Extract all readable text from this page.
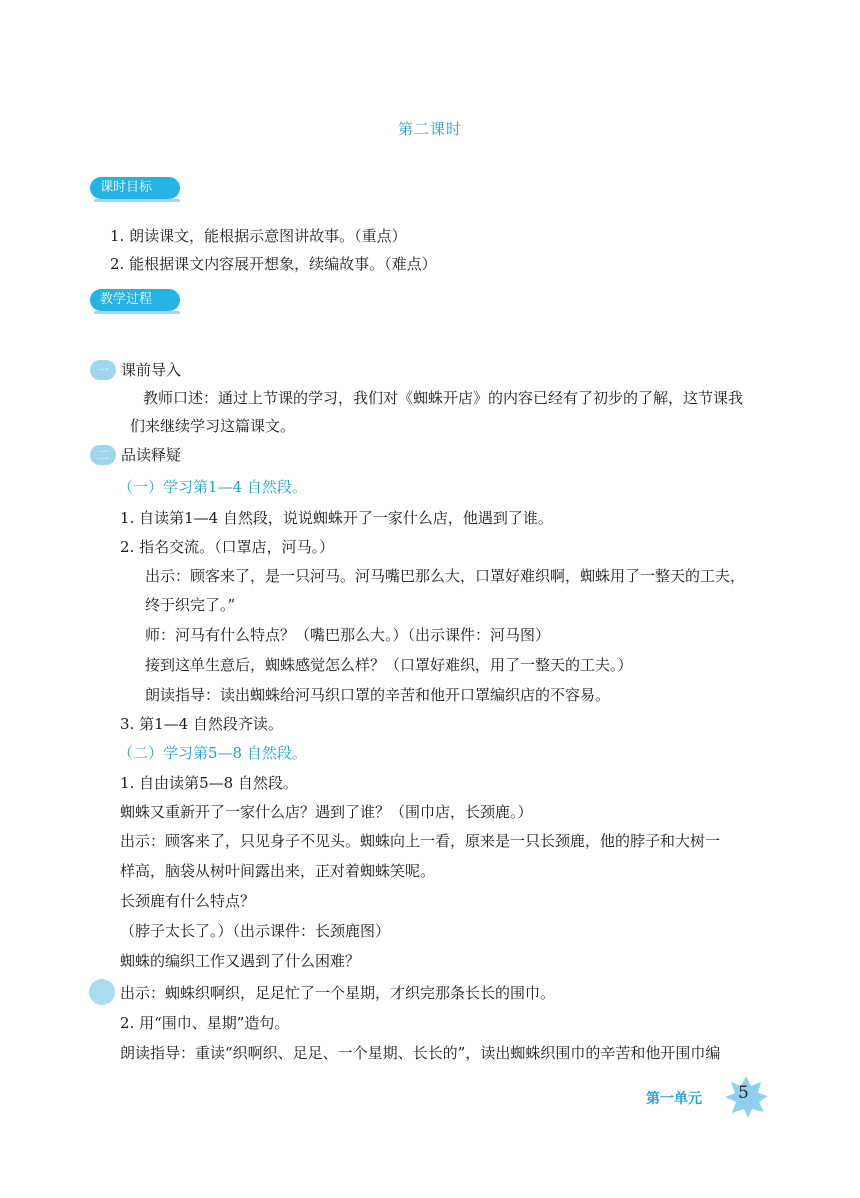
第二课时
课时目标
1. 朗读课文，能根据示意图讲故事。（重点）
2. 能根据课文内容展开想象，续编故事。（难点）
教学过程
一 课前导入
教师口述：通过上节课的学习，我们对《蜘蛛开店》的内容已经有了初步的了解，这节课我
们来继续学习这篇课文。
二 品读释疑
（一）学习第1—4 自然段。
1. 自读第1—4 自然段，说说蜘蛛开了一家什么店，他遇到了谁。
2. 指名交流。（口罩店，河马。）
出示：顾客来了，是一只河马。河马嘴巴那么大，口罩好难织啊，蜘蛛用了一整天的工夫，
终于织完了。”
师：河马有什么特点？（嘴巴那么大。）（出示课件：河马图）
接到这单生意后，蜘蛛感觉怎么样？（口罩好难织，用了一整天的工夫。）
朗读指导：读出蜘蛛给河马织口罩的辛苦和他开口罩编织店的不容易。
3. 第1—4 自然段齐读。
（二）学习第5—8 自然段。
1. 自由读第5—8 自然段。
蜘蛛又重新开了一家什么店？遇到了谁？（围巾店，长颈鹿。）
出示：顾客来了，只见身子不见头。蜘蛛向上一看，原来是一只长颈鹿，他的脖子和大树一
样高，脑袋从树叶间露出来，正对着蜘蛛笑呢。
长颈鹿有什么特点？
（脖子太长了。）（出示课件：长颈鹿图）
蜘蛛的编织工作又遇到了什么困难？
出示：蜘蛛织啊织，足足忙了一个星期，才织完那条长长的围巾。
2. 用“围巾、星期”造句。
朗读指导：重读“织啊织、足足、一个星期、长长的”，读出蜘蛛织围巾的辛苦和他开围巾编
第一单元 5
